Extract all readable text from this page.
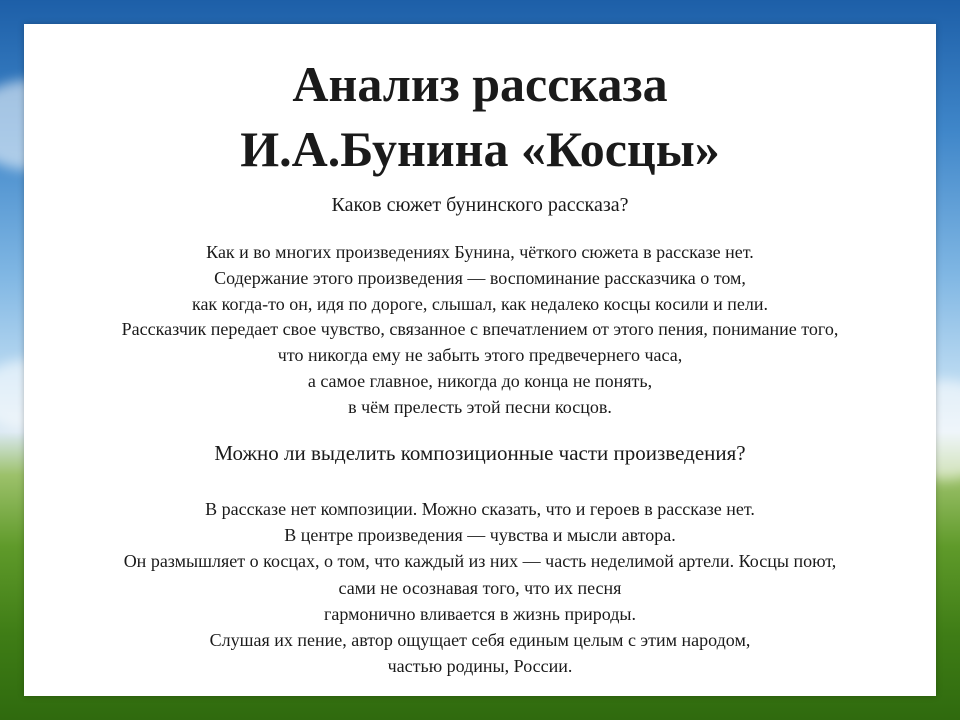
Анализ рассказа
И.А.Бунина «Косцы»

Каков сюжет бунинского рассказа?

Как и во многих произведениях Бунина, чёткого сюжета в рассказе нет.
Содержание этого произведения — воспоминание рассказчика о том,
как когда-то он, идя по дороге, слышал, как недалеко косцы косили и пели.
Рассказчик передает свое чувство, связанное с впечатлением от этого пения, понимание того,
что никогда ему не забыть этого предвечернего часа,
а самое главное, никогда до конца не понять,
в чём прелесть этой песни косцов.

Можно ли выделить композиционные части произведения?

В рассказе нет композиции. Можно сказать, что и героев в рассказе нет.
В центре произведения — чувства и мысли автора.
Он размышляет о косцах, о том, что каждый из них — часть неделимой артели. Косцы поют,
сами не осознавая того, что их песня
гармонично вливается в жизнь природы.
Слушая их пение, автор ощущает себя единым целым с этим народом,
частью родины, России.
